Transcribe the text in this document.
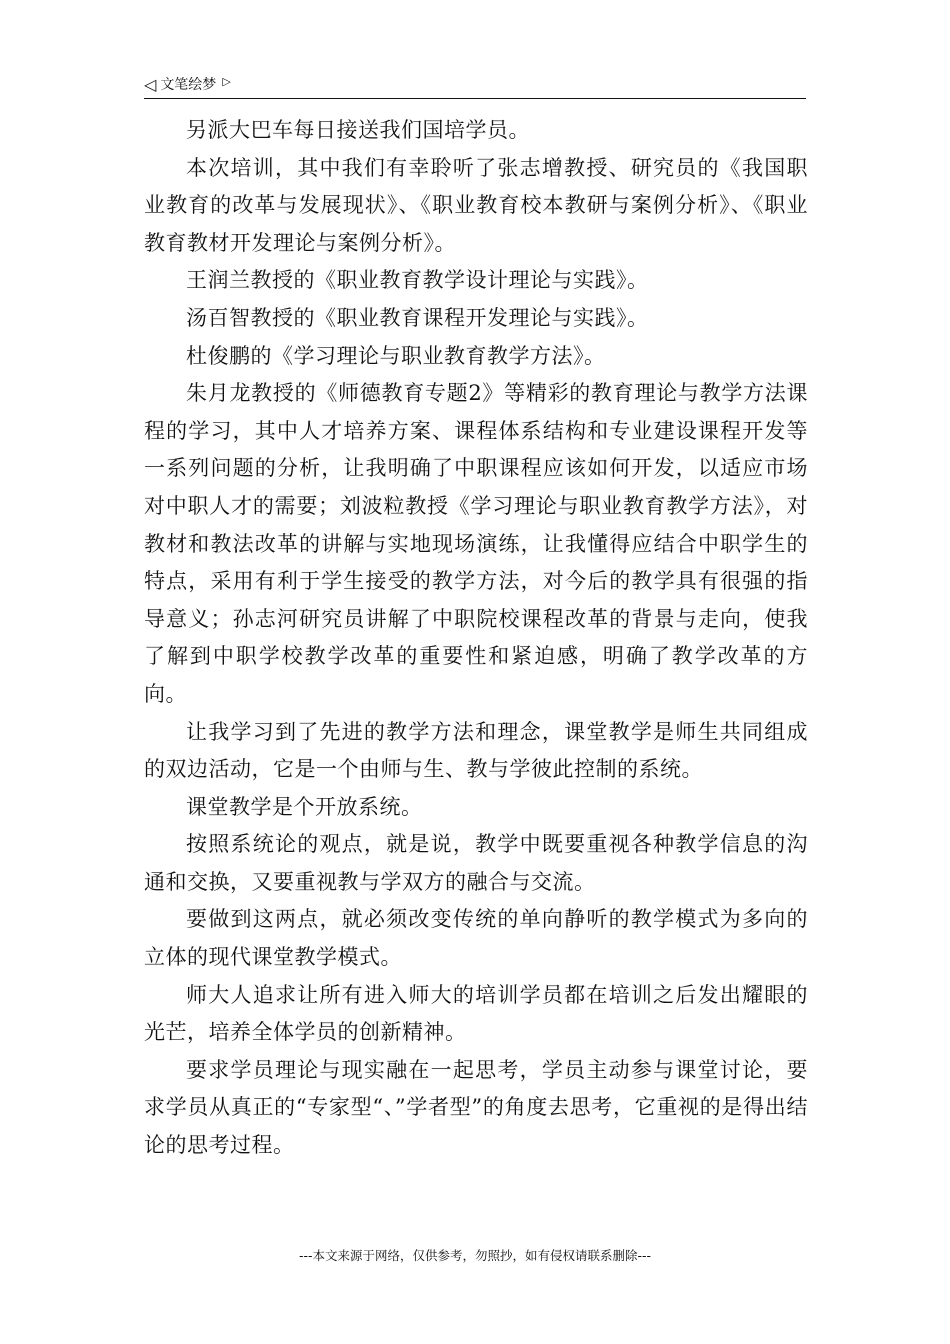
◁ 文笔绘梦 ▷

另派大巴车每日接送我们国培学员。

本次培训，其中我们有幸聆听了张志增教授、研究员的《我国职业教育的改革与发展现状》、《职业教育校本教研与案例分析》、《职业教育教材开发理论与案例分析》。

王润兰教授的《职业教育教学设计理论与实践》。

汤百智教授的《职业教育课程开发理论与实践》。

杜俊鹏的《学习理论与职业教育教学方法》。

朱月龙教授的《师德教育专题2》等精彩的教育理论与教学方法课程的学习，其中人才培养方案、课程体系结构和专业建设课程开发等一系列问题的分析，让我明确了中职课程应该如何开发，以适应市场对中职人才的需要；刘波粒教授《学习理论与职业教育教学方法》，对教材和教法改革的讲解与实地现场演练，让我懂得应结合中职学生的特点，采用有利于学生接受的教学方法，对今后的教学具有很强的指导意义；孙志河研究员讲解了中职院校课程改革的背景与走向，使我了解到中职学校教学改革的重要性和紧迫感，明确了教学改革的方向。

让我学习到了先进的教学方法和理念，课堂教学是师生共同组成的双边活动，它是一个由师与生、教与学彼此控制的系统。

课堂教学是个开放系统。

按照系统论的观点，就是说，教学中既要重视各种教学信息的沟通和交换，又要重视教与学双方的融合与交流。

要做到这两点，就必须改变传统的单向静听的教学模式为多向的立体的现代课堂教学模式。

师大人追求让所有进入师大的培训学员都在培训之后发出耀眼的光芒，培养全体学员的创新精神。

要求学员理论与现实融在一起思考，学员主动参与课堂讨论，要求学员从真正的“专家型“、”学者型”的角度去思考，它重视的是得出结论的思考过程。

---本文来源于网络，仅供参考，勿照抄，如有侵权请联系删除---
